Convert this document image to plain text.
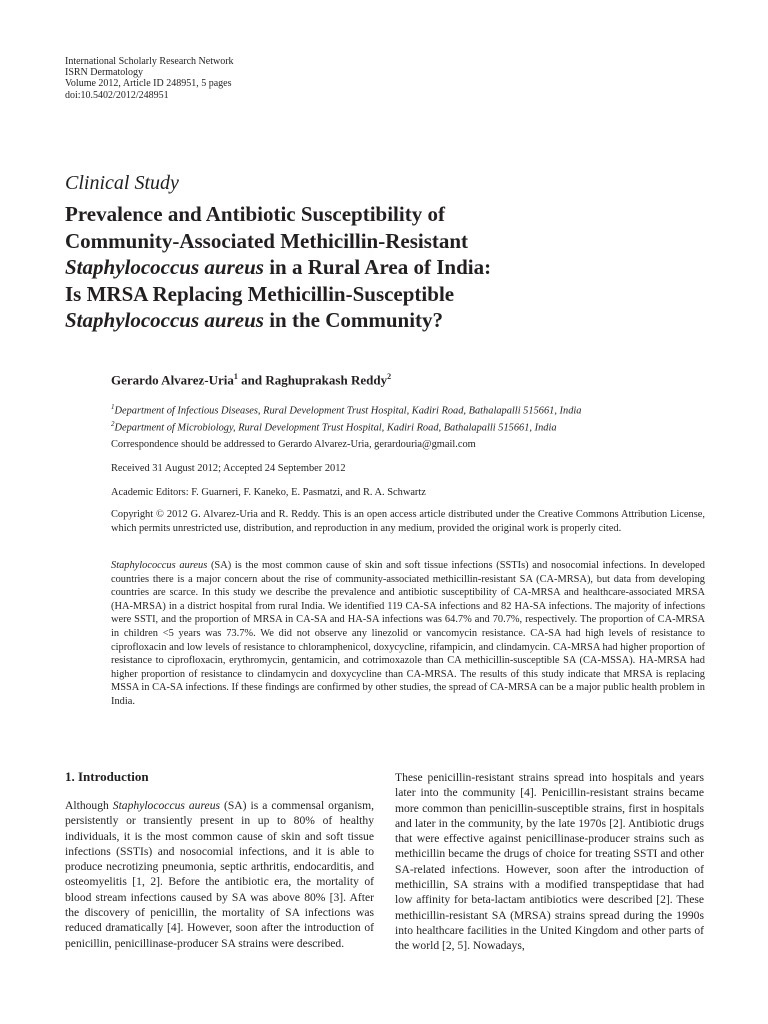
International Scholarly Research Network
ISRN Dermatology
Volume 2012, Article ID 248951, 5 pages
doi:10.5402/2012/248951
Clinical Study
Prevalence and Antibiotic Susceptibility of
Community-Associated Methicillin-Resistant
Staphylococcus aureus in a Rural Area of India:
Is MRSA Replacing Methicillin-Susceptible
Staphylococcus aureus in the Community?
Gerardo Alvarez-Uria$^1$ and Raghuprakash Reddy$^2$
$^1$Department of Infectious Diseases, Rural Development Trust Hospital, Kadiri Road, Bathalapalli 515661, India
$^2$Department of Microbiology, Rural Development Trust Hospital, Kadiri Road, Bathalapalli 515661, India
Correspondence should be addressed to Gerardo Alvarez-Uria, gerardouria@gmail.com
Received 31 August 2012; Accepted 24 September 2012
Academic Editors: F. Guarneri, F. Kaneko, E. Pasmatzi, and R. A. Schwartz
Copyright © 2012 G. Alvarez-Uria and R. Reddy. This is an open access article distributed under the Creative Commons Attribution License, which permits unrestricted use, distribution, and reproduction in any medium, provided the original work is properly cited.
Staphylococcus aureus (SA) is the most common cause of skin and soft tissue infections (SSTIs) and nosocomial infections. In developed countries there is a major concern about the rise of community-associated methicillin-resistant SA (CA-MRSA), but data from developing countries are scarce. In this study we describe the prevalence and antibiotic susceptibility of CA-MRSA and healthcare-associated MRSA (HA-MRSA) in a district hospital from rural India. We identified 119 CA-SA infections and 82 HA-SA infections. The majority of infections were SSTI, and the proportion of MRSA in CA-SA and HA-SA infections was 64.7% and 70.7%, respectively. The proportion of CA-MRSA in children <5 years was 73.7%. We did not observe any linezolid or vancomycin resistance. CA-SA had high levels of resistance to ciprofloxacin and low levels of resistance to chloramphenicol, doxycycline, rifampicin, and clindamycin. CA-MRSA had higher proportion of resistance to ciprofloxacin, erythromycin, gentamicin, and cotrimoxazole than CA methicillin-susceptible SA (CA-MSSA). HA-MRSA had higher proportion of resistance to clindamycin and doxycycline than CA-MRSA. The results of this study indicate that MRSA is replacing MSSA in CA-SA infections. If these findings are confirmed by other studies, the spread of CA-MRSA can be a major public health problem in India.
1. Introduction
Although Staphylococcus aureus (SA) is a commensal organism, persistently or transiently present in up to 80% of healthy individuals, it is the most common cause of skin and soft tissue infections (SSTIs) and nosocomial infections, and it is able to produce necrotizing pneumonia, septic arthritis, endocarditis, and osteomyelitis [1, 2]. Before the antibiotic era, the mortality of blood stream infections caused by SA was above 80% [3]. After the discovery of penicillin, the mortality of SA infections was reduced dramatically [4]. However, soon after the introduction of penicillin, penicillinase-producer SA strains were described.
These penicillin-resistant strains spread into hospitals and years later into the community [4]. Penicillin-resistant strains became more common than penicillin-susceptible strains, first in hospitals and later in the community, by the late 1970s [2]. Antibiotic drugs that were effective against penicillinase-producer strains such as methicillin became the drugs of choice for treating SSTI and other SA-related infections. However, soon after the introduction of methicillin, SA strains with a modified transpeptidase that had low affinity for beta-lactam antibiotics were described [2]. These methicillin-resistant SA (MRSA) strains spread during the 1990s into healthcare facilities in the United Kingdom and other parts of the world [2, 5]. Nowadays,
